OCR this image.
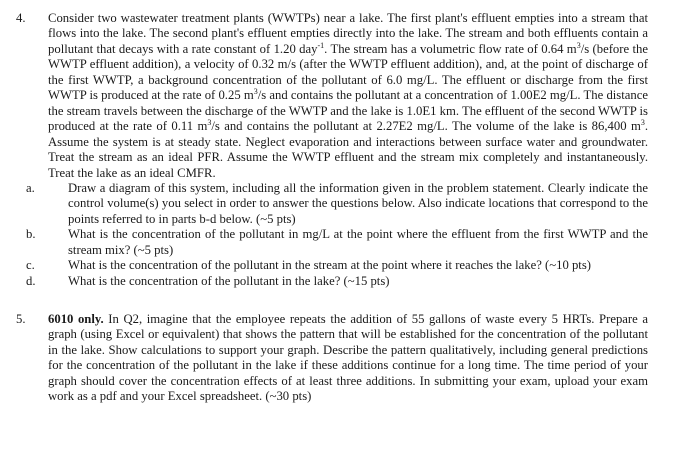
4. Consider two wastewater treatment plants (WWTPs) near a lake. The first plant's effluent empties into a stream that flows into the lake. The second plant's effluent empties directly into the lake. The stream and both effluents contain a pollutant that decays with a rate constant of 1.20 day$^{-1}$. The stream has a volumetric flow rate of 0.64 $m^3/s$ (before the WWTP effluent addition), a velocity of 0.32 m/s (after the WWTP effluent addition), and, at the point of discharge of the first WWTP, a background concentration of the pollutant of 6.0 mg/L. The effluent or discharge from the first WWTP is produced at the rate of 0.25 $m^3/s$ and contains the pollutant at a concentration of 1.00E2 mg/L. The distance the stream travels between the discharge of the WWTP and the lake is 1.0E1 km. The effluent of the second WWTP is produced at the rate of 0.11 $m^3/s$ and contains the pollutant at 2.27E2 mg/L. The volume of the lake is 86,400 $m^3$. Assume the system is at steady state. Neglect evaporation and interactions between surface water and groundwater. Treat the stream as an ideal PFR. Assume the WWTP effluent and the stream mix completely and instantaneously. Treat the lake as an ideal CMFR.
a.	Draw a diagram of this system, including all the information given in the problem statement. Clearly indicate the control volume(s) you select in order to answer the questions below. Also indicate locations that correspond to the points referred to in parts b-d below. (~5 pts)
b.	What is the concentration of the pollutant in mg/L at the point where the effluent from the first WWTP and the stream mix? (~5 pts)
c.	What is the concentration of the pollutant in the stream at the point where it reaches the lake? (~10 pts)
d.	What is the concentration of the pollutant in the lake? (~15 pts)
5. 6010 only. In Q2, imagine that the employee repeats the addition of 55 gallons of waste every 5 HRTs. Prepare a graph (using Excel or equivalent) that shows the pattern that will be established for the concentration of the pollutant in the lake. Show calculations to support your graph. Describe the pattern qualitatively, including general predictions for the concentration of the pollutant in the lake if these additions continue for a long time. The time period of your graph should cover the concentration effects of at least three additions. In submitting your exam, upload your exam work as a pdf and your Excel spreadsheet. (~30 pts)
